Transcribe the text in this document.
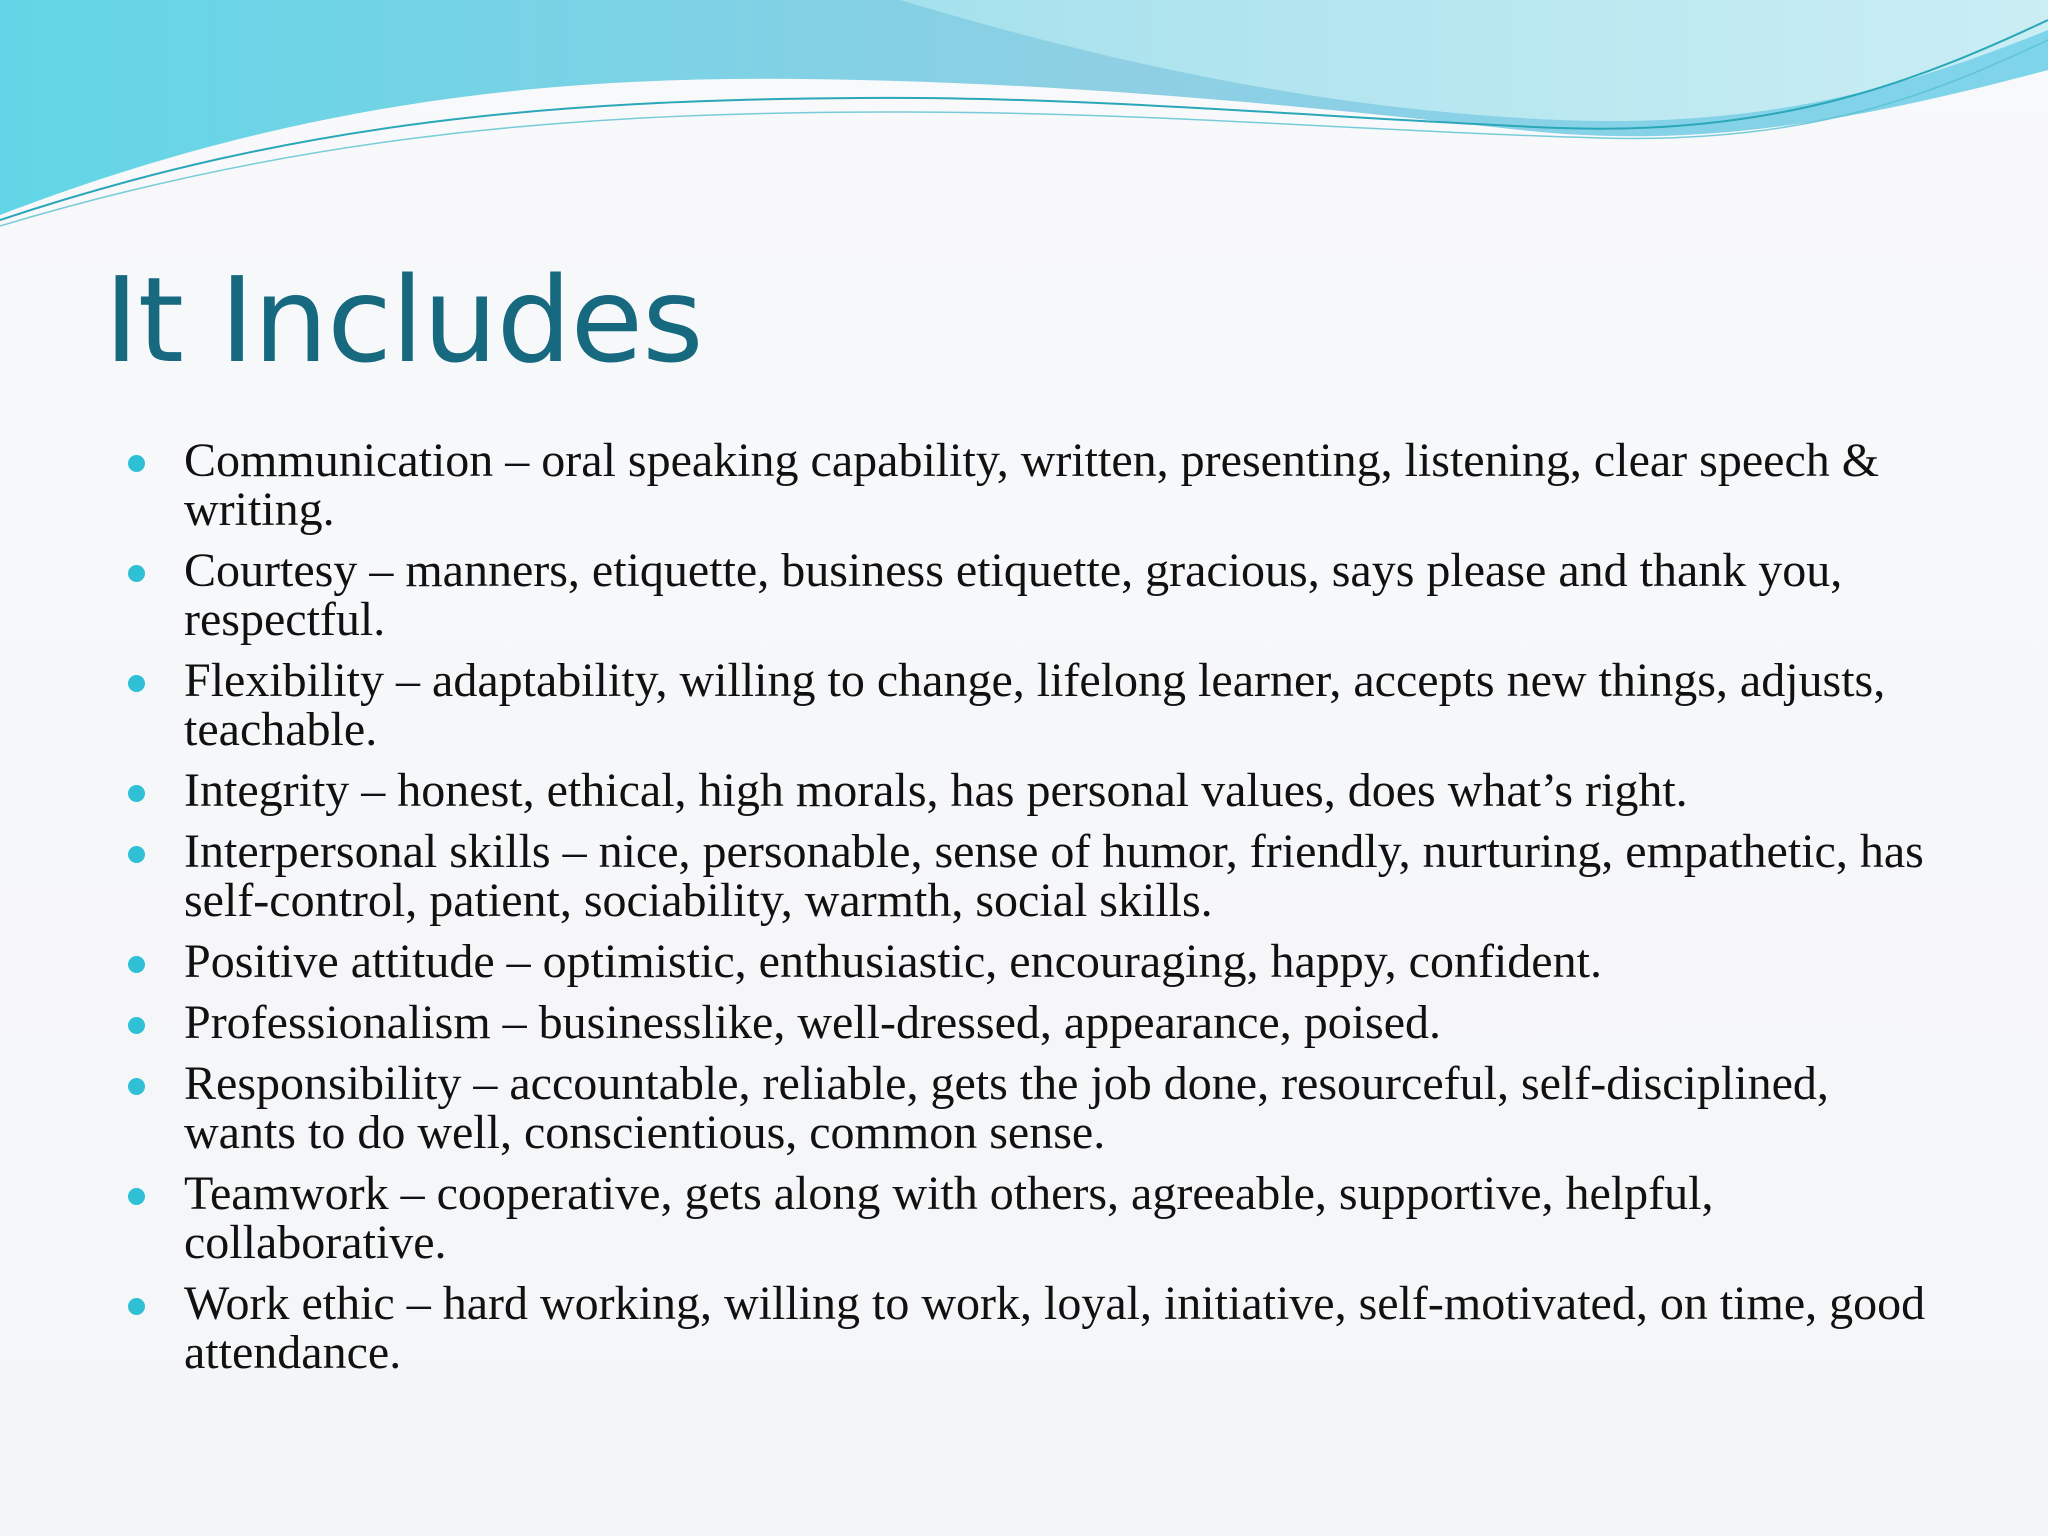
It Includes
Communication – oral speaking capability, written, presenting, listening, clear speech & writing.
Courtesy – manners, etiquette, business etiquette, gracious, says please and thank you, respectful.
Flexibility – adaptability, willing to change, lifelong learner, accepts new things, adjusts, teachable.
Integrity – honest, ethical, high morals, has personal values, does what’s right.
Interpersonal skills – nice, personable, sense of humor, friendly, nurturing, empathetic, has self-control, patient, sociability, warmth, social skills.
Positive attitude – optimistic, enthusiastic, encouraging, happy, confident.
Professionalism – businesslike, well-dressed, appearance, poised.
Responsibility – accountable, reliable, gets the job done, resourceful, self-disciplined, wants to do well, conscientious, common sense.
Teamwork – cooperative, gets along with others, agreeable, supportive, helpful, collaborative.
Work ethic – hard working, willing to work, loyal, initiative, self-motivated, on time, good attendance.
